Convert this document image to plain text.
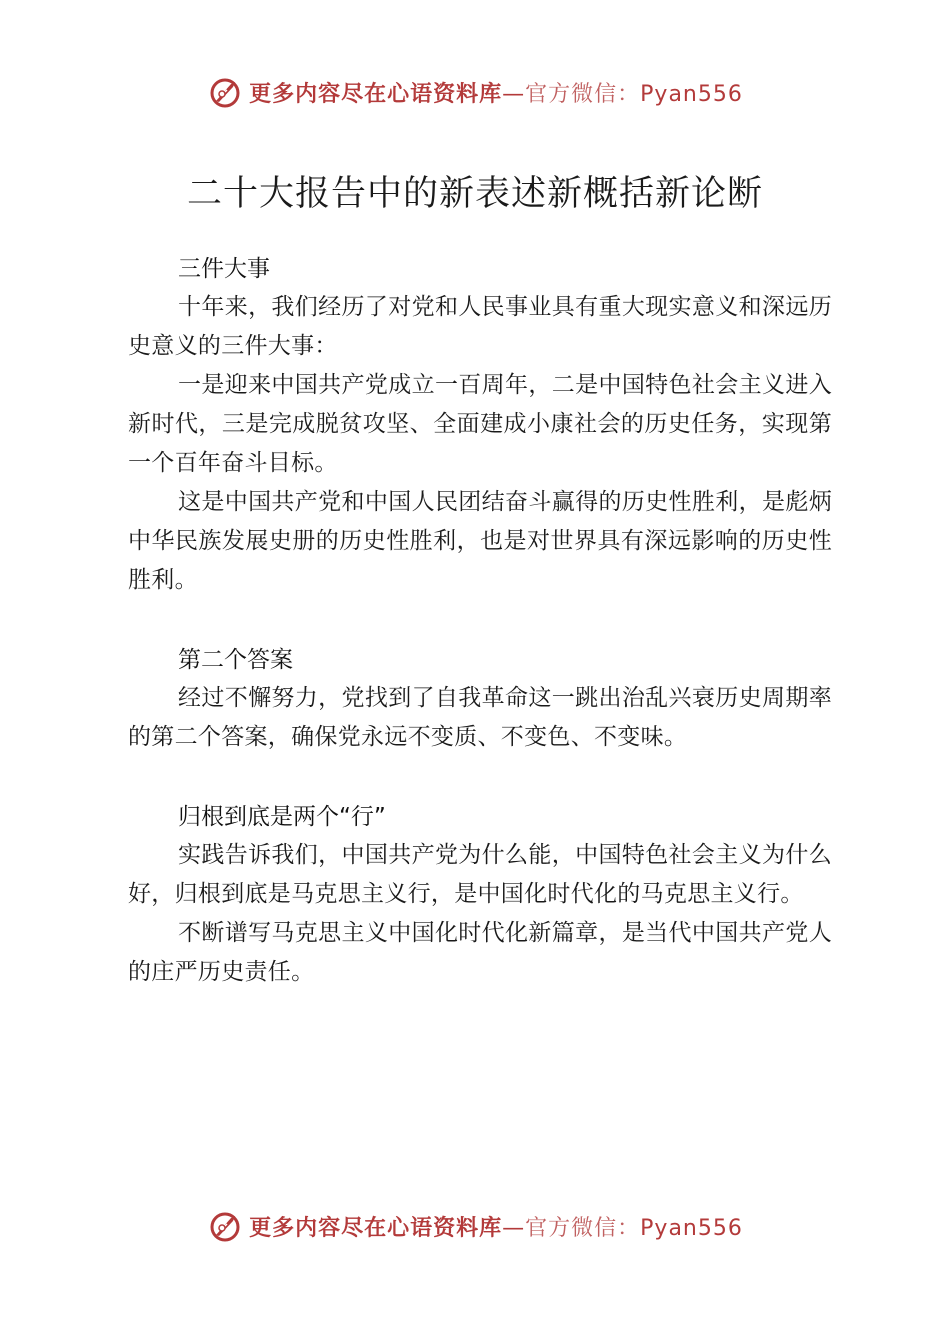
更多内容尽在心语资料库—官方微信：Pyan556
二十大报告中的新表述新概括新论断
三件大事

十年来，我们经历了对党和人民事业具有重大现实意义和深远历史意义的三件大事：

一是迎来中国共产党成立一百周年，二是中国特色社会主义进入新时代，三是完成脱贫攻坚、全面建成小康社会的历史任务，实现第一个百年奋斗目标。

这是中国共产党和中国人民团结奋斗赢得的历史性胜利，是彪炳中华民族发展史册的历史性胜利，也是对世界具有深远影响的历史性胜利。

第二个答案

经过不懈努力，党找到了自我革命这一跳出治乱兴衰历史周期率的第二个答案，确保党永远不变质、不变色、不变味。

归根到底是两个“行”

实践告诉我们，中国共产党为什么能，中国特色社会主义为什么好，归根到底是马克思主义行，是中国化时代化的马克思主义行。

不断谱写马克思主义中国化时代化新篇章，是当代中国共产党人的庄严历史责任。

更多内容尽在心语资料库—官方微信：Pyan556
